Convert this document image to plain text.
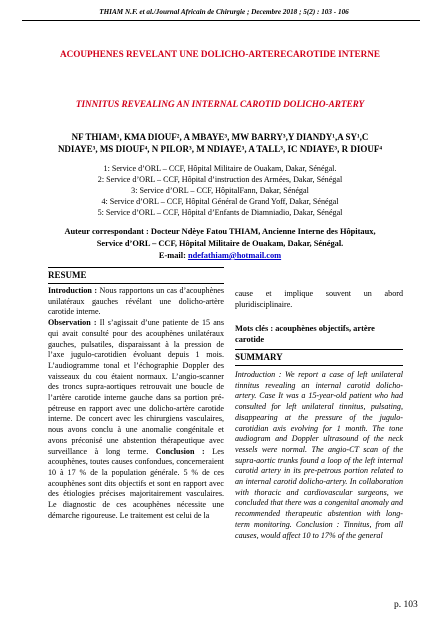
THIAM N.F. et al./Journal Africain de Chirurgie ; Decembre 2018 ; 5(2) : 103 - 106
ACOUPHENES REVELANT UNE DOLICHO-ARTERECAROTIDE INTERNE
TINNITUS REVEALING AN INTERNAL CAROTID DOLICHO-ARTERY
NF THIAM¹, KMA DIOUF², A MBAYE³, MW BARRY³,Y DIANDY¹,A SY¹,C
NDIAYE³, MS DIOUF⁴, N PILOR³, M NDIAYE³, A TALL³, IC NDIAYE³, R DIOUF⁴
1: Service d’ORL – CCF, Hôpital Militaire de Ouakam, Dakar, Sénégal.
2: Service d’ORL – CCF, Hôpital d’instruction des Armées, Dakar, Sénégal
3: Service d’ORL – CCF, HôpitalFann, Dakar, Sénégal
4: Service d’ORL – CCF, Hôpital Général de Grand Yoff, Dakar, Sénégal
5: Service d’ORL – CCF, Hôpital d’Enfants de Diamniadio, Dakar, Sénégal
Auteur correspondant : Docteur Ndèye Fatou THIAM, Ancienne Interne des Hôpitaux,
Service d’ORL – CCF, Hôpital Militaire de Ouakam, Dakar, Sénégal.
E-mail: ndefathiam@hotmail.com
RESUME

Introduction : Nous rapportons un cas d’acouphènes unilatéraux gauches révélant une dolicho-artère carotide interne.

Observation : Il s’agissait d’une patiente de 15 ans qui avait consulté pour des acouphènes unilatéraux gauches, pulsatiles, disparaissant à la pression de l’axe jugulo-carotidien évoluant depuis 1 mois. L’audiogramme tonal et l’échographie Doppler des vaisseaux du cou étaient normaux. L’angio-scanner des troncs supra-aortiques retrouvait une boucle de l’artère carotide interne gauche dans sa portion pré-pétreuse en rapport avec une dolicho-artère carotide interne. De concert avec les chirurgiens vasculaires, nous avons conclu à une anomalie congénitale et avons préconisé une abstention thérapeutique avec surveillance à long terme. Conclusion : Les acouphènes, toutes causes confondues, concerneraient 10 à 17 % de la population générale. 5 % de ces acouphènes sont dits objectifs et sont en rapport avec des étiologies précises majoritairement vasculaires. Le diagnostic de ces acouphènes nécessite une démarche rigoureuse. Le traitement est celui de la

cause et implique souvent un abord pluridisciplinaire.
Mots clés : acouphènes objectifs, artère carotide
SUMMARY
Introduction : We report a case of left unilateral tinnitus revealing an internal carotid dolicho-artery. Case It was a 15-year-old patient who had consulted for left unilateral tinnitus, pulsating, disappearing at the pressure of the jugulo-carotidian axis evolving for 1 month. The tone audiogram and Doppler ultrasound of the neck vessels were normal. The angio-CT scan of the supra-aortic trunks found a loop of the left internal carotid artery in its pre-petrous portion related to an internal carotid dolicho-artery. In collaboration with thoracic and cardiovascular surgeons, we concluded that there was a congenital anomaly and recommended therapeutic abstention with long-term monitoring. Conclusion : Tinnitus, from all causes, would affect 10 to 17% of the general
p. 103
